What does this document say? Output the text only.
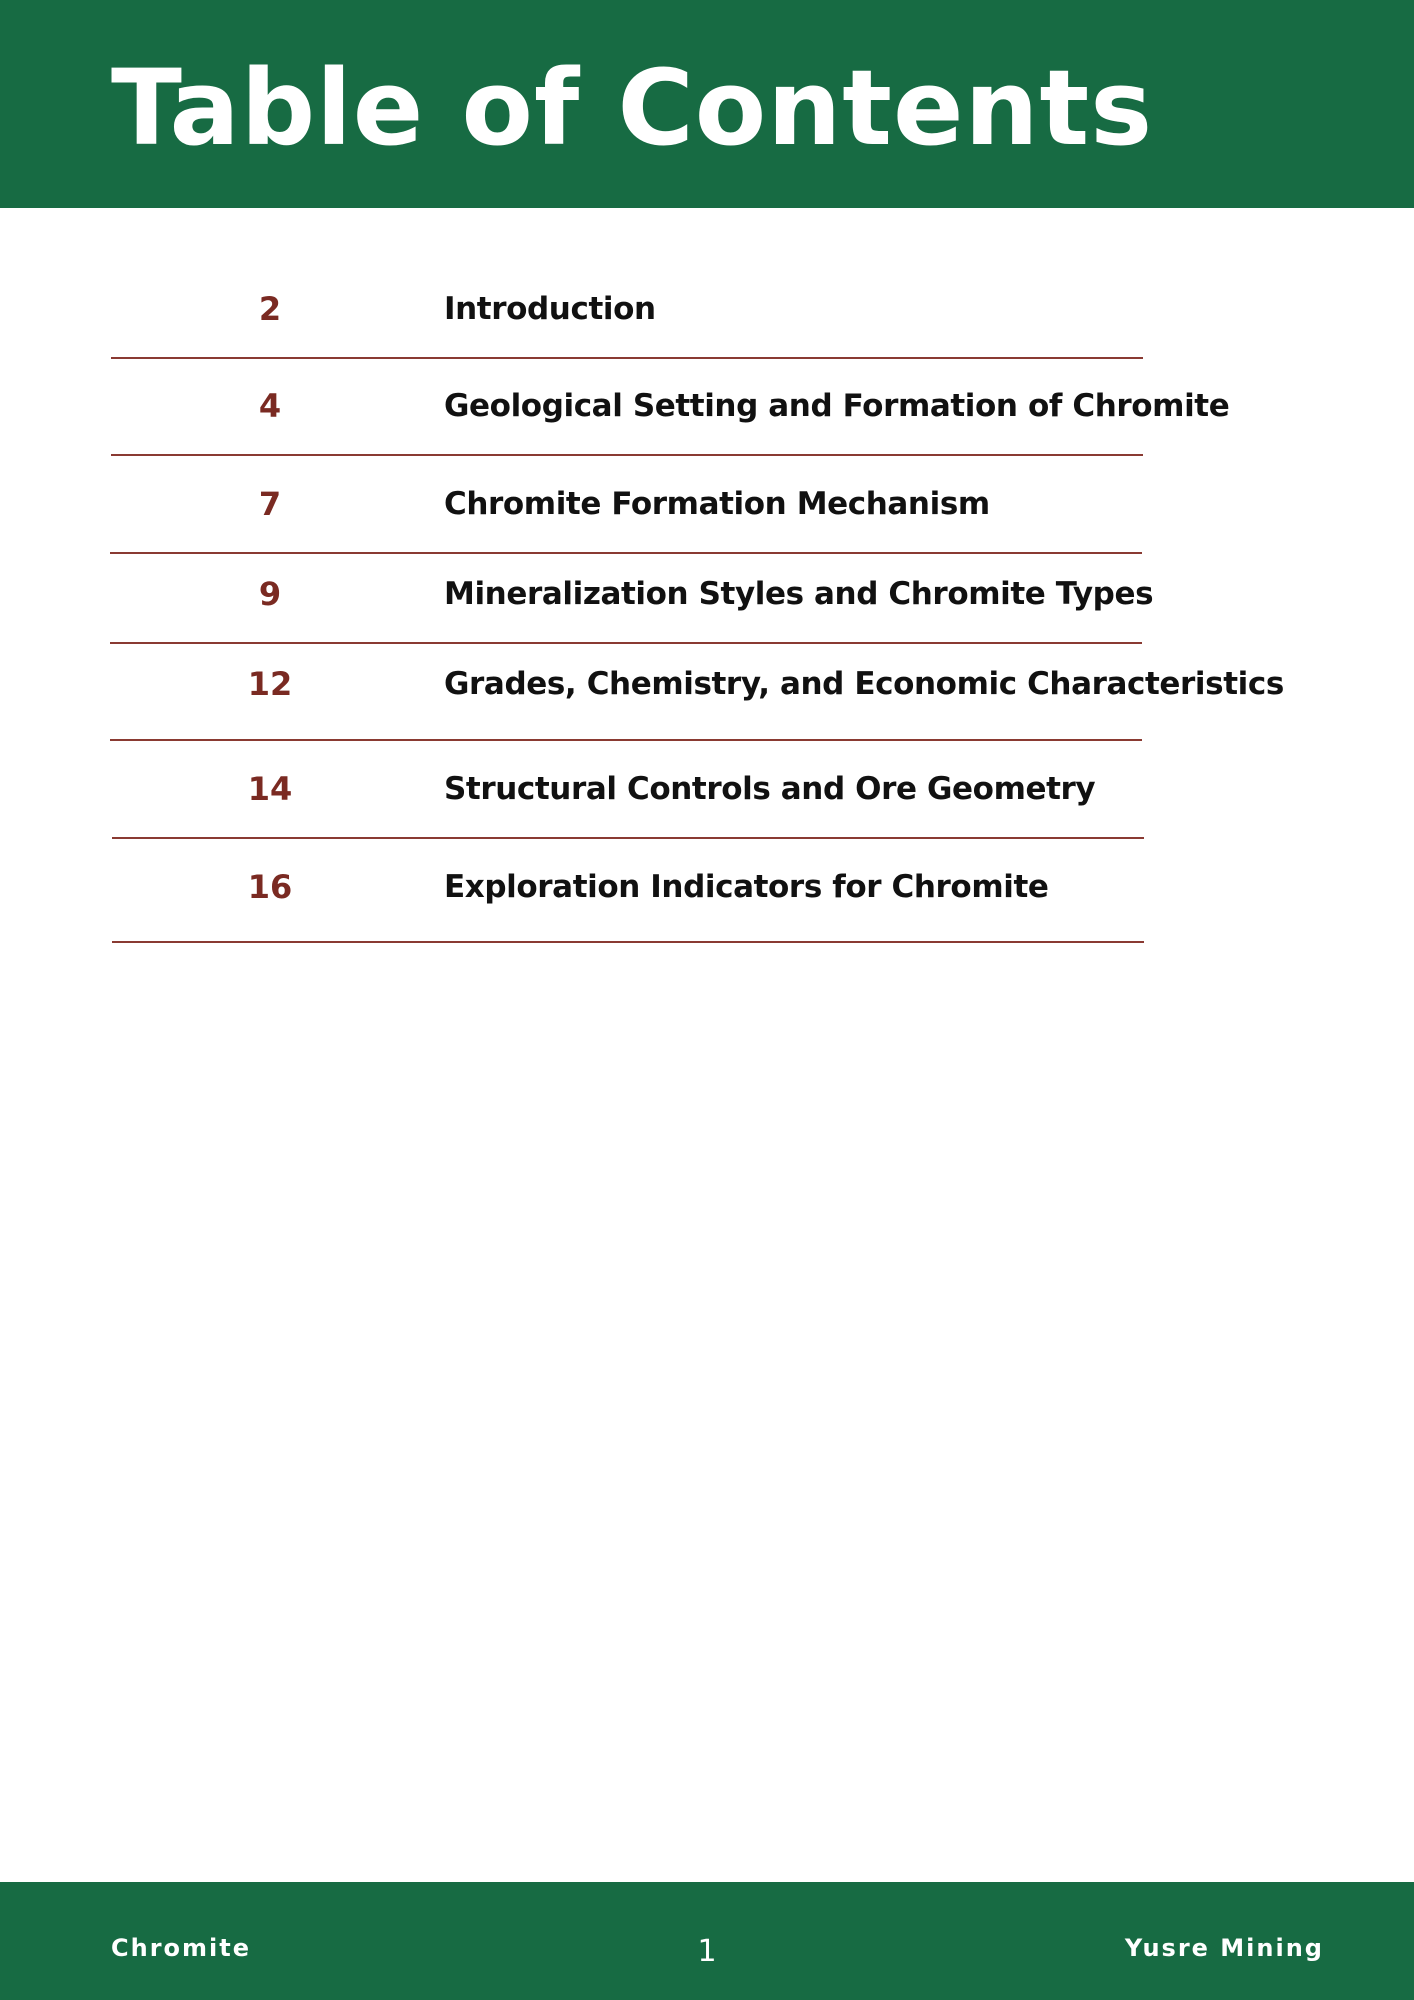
Table of Contents
2	Introduction
4	Geological Setting and Formation of Chromite
7	Chromite Formation Mechanism
9	Mineralization Styles and Chromite Types
12	Grades, Chemistry, and Economic Characteristics
14	Structural Controls and Ore Geometry
16	Exploration Indicators for Chromite
Chromite	1	Yusre Mining
